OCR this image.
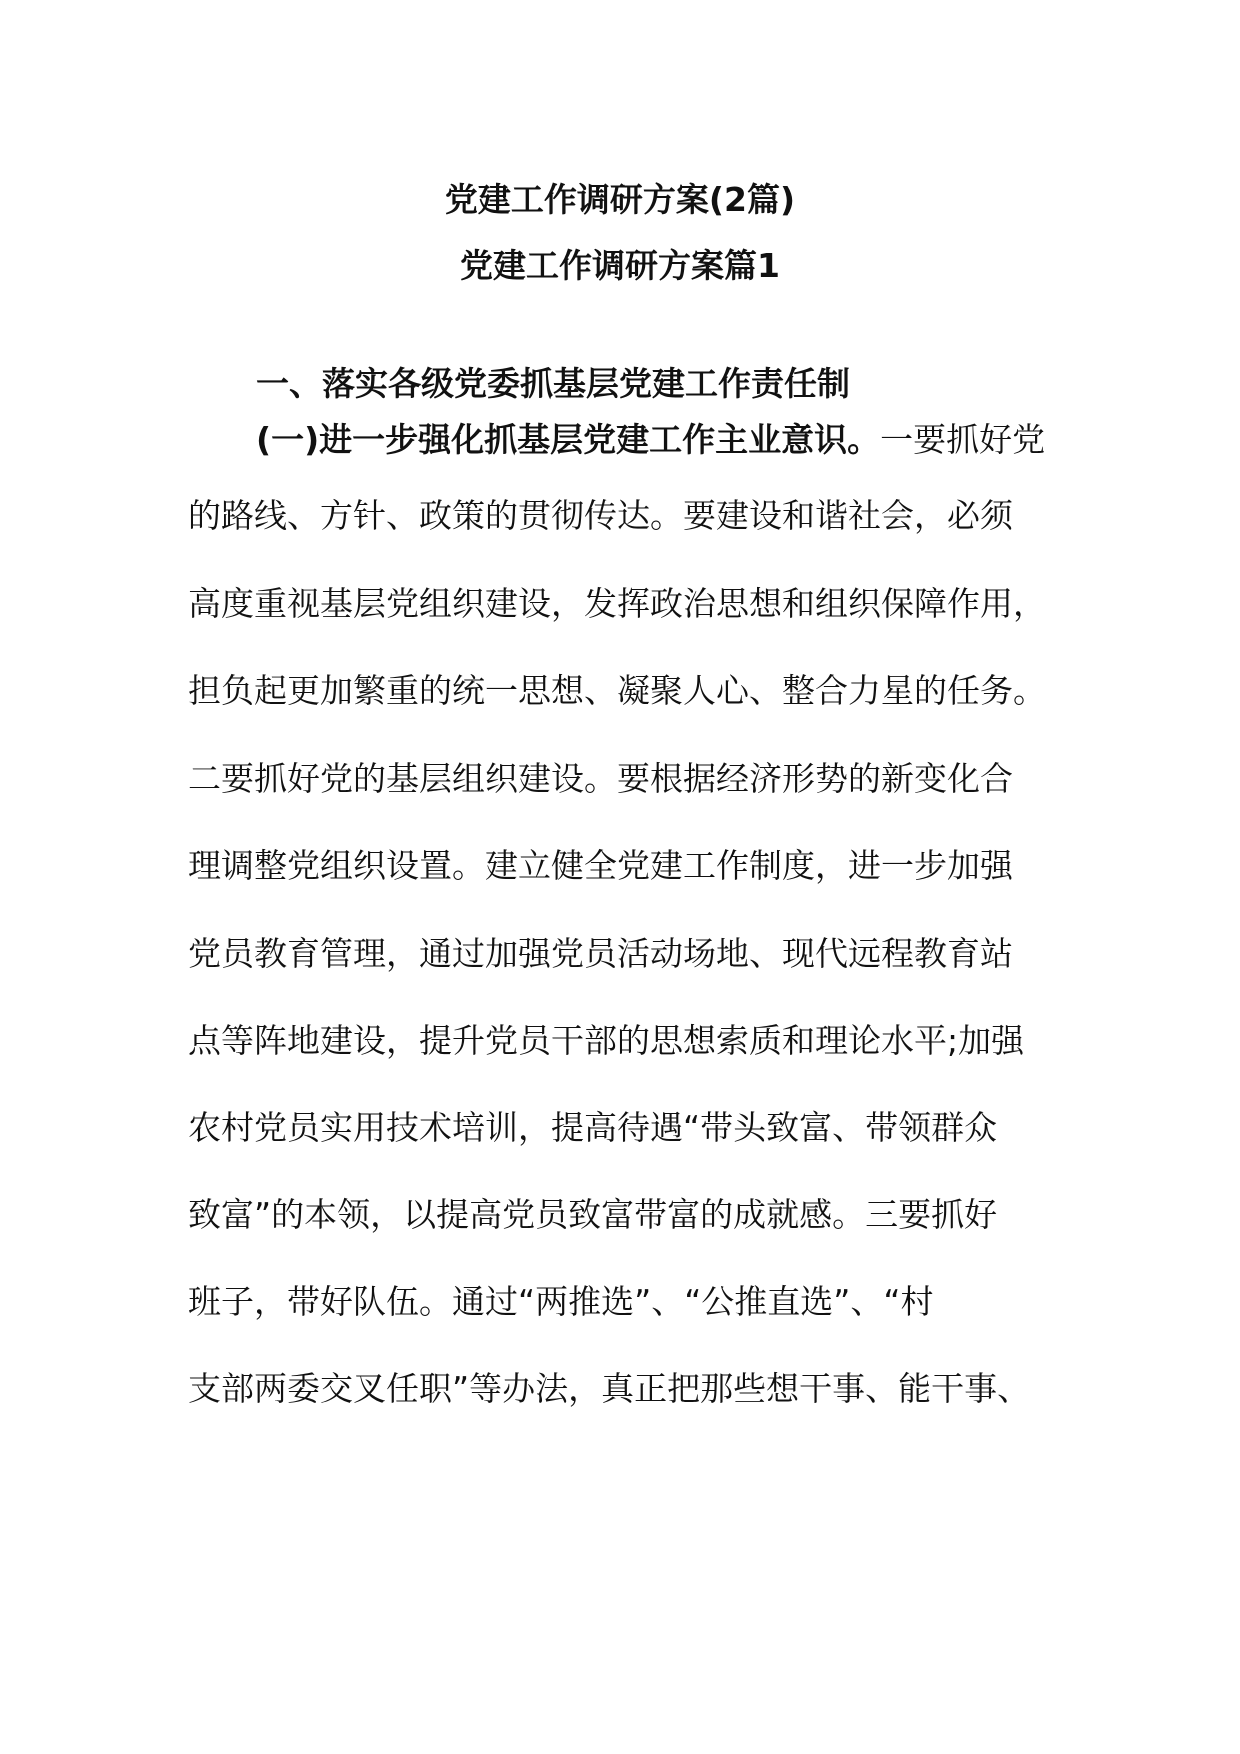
党建工作调研方案(2篇)
党建工作调研方案篇1
一、落实各级党委抓基层党建工作责任制
(一)进一步强化抓基层党建工作主业意识。一要抓好党
的路线、方针、政策的贯彻传达。要建设和谐社会，必须
高度重视基层党组织建设，发挥政治思想和组织保障作用，
担负起更加繁重的统一思想、凝聚人心、整合力星的任务。
二要抓好党的基层组织建设。要根据经济形势的新变化合
理调整党组织设置。建立健全党建工作制度，进一步加强
党员教育管理，通过加强党员活动场地、现代远程教育站
点等阵地建设，提升党员干部的思想索质和理论水平;加强
农村党员实用技术培训，提高待遇“带头致富、带领群众
致富”的本领，以提高党员致富带富的成就感。三要抓好
班子，带好队伍。通过“两推选”、“公推直选”、“村
支部两委交叉任职”等办法，真正把那些想干事、能干事、
